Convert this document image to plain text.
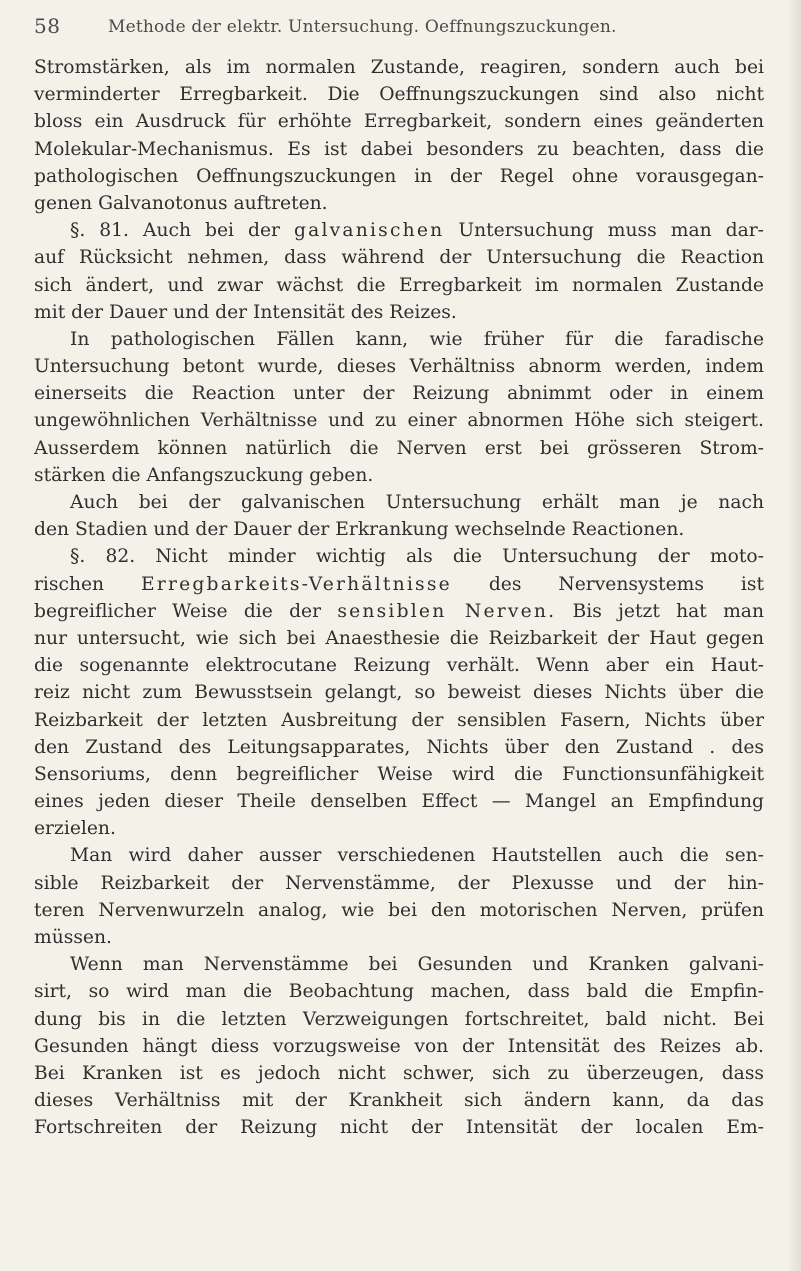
58	Methode der elektr. Untersuchung. Oeffnungszuckungen.
Stromstärken, als im normalen Zustande, reagiren, sondern auch bei
verminderter Erregbarkeit. Die Oeffnungszuckungen sind also nicht
bloss ein Ausdruck für erhöhte Erregbarkeit, sondern eines geänderten
Molekular-Mechanismus. Es ist dabei besonders zu beachten, dass die
pathologischen Oeffnungszuckungen in der Regel ohne vorausgegan-
genen Galvanotonus auftreten.
§. 81. Auch bei der galvanischen Untersuchung muss man dar-
auf Rücksicht nehmen, dass während der Untersuchung die Reaction
sich ändert, und zwar wächst die Erregbarkeit im normalen Zustande
mit der Dauer und der Intensität des Reizes.
In pathologischen Fällen kann, wie früher für die faradische
Untersuchung betont wurde, dieses Verhältniss abnorm werden, indem
einerseits die Reaction unter der Reizung abnimmt oder in einem
ungewöhnlichen Verhältnisse und zu einer abnormen Höhe sich steigert.
Ausserdem können natürlich die Nerven erst bei grösseren Strom-
stärken die Anfangszuckung geben.
Auch bei der galvanischen Untersuchung erhält man je nach
den Stadien und der Dauer der Erkrankung wechselnde Reactionen.
§. 82. Nicht minder wichtig als die Untersuchung der moto-
rischen Erregbarkeits-Verhältnisse des Nervensystems ist
begreiflicher Weise die der sensiblen Nerven. Bis jetzt hat man
nur untersucht, wie sich bei Anaesthesie die Reizbarkeit der Haut gegen
die sogenannte elektrocutane Reizung verhält. Wenn aber ein Haut-
reiz nicht zum Bewusstsein gelangt, so beweist dieses Nichts über die
Reizbarkeit der letzten Ausbreitung der sensiblen Fasern, Nichts über
den Zustand des Leitungsapparates, Nichts über den Zustand . des
Sensoriums, denn begreiflicher Weise wird die Functionsunfähigkeit
eines jeden dieser Theile denselben Effect — Mangel an Empfindung
erzielen.
Man wird daher ausser verschiedenen Hautstellen auch die sen-
sible Reizbarkeit der Nervenstämme, der Plexusse und der hin-
teren Nervenwurzeln analog, wie bei den motorischen Nerven, prüfen
müssen.
Wenn man Nervenstämme bei Gesunden und Kranken galvani-
sirt, so wird man die Beobachtung machen, dass bald die Empfin-
dung bis in die letzten Verzweigungen fortschreitet, bald nicht. Bei
Gesunden hängt diess vorzugsweise von der Intensität des Reizes ab.
Bei Kranken ist es jedoch nicht schwer, sich zu überzeugen, dass
dieses Verhältniss mit der Krankheit sich ändern kann, da das
Fortschreiten der Reizung nicht der Intensität der localen Em-
